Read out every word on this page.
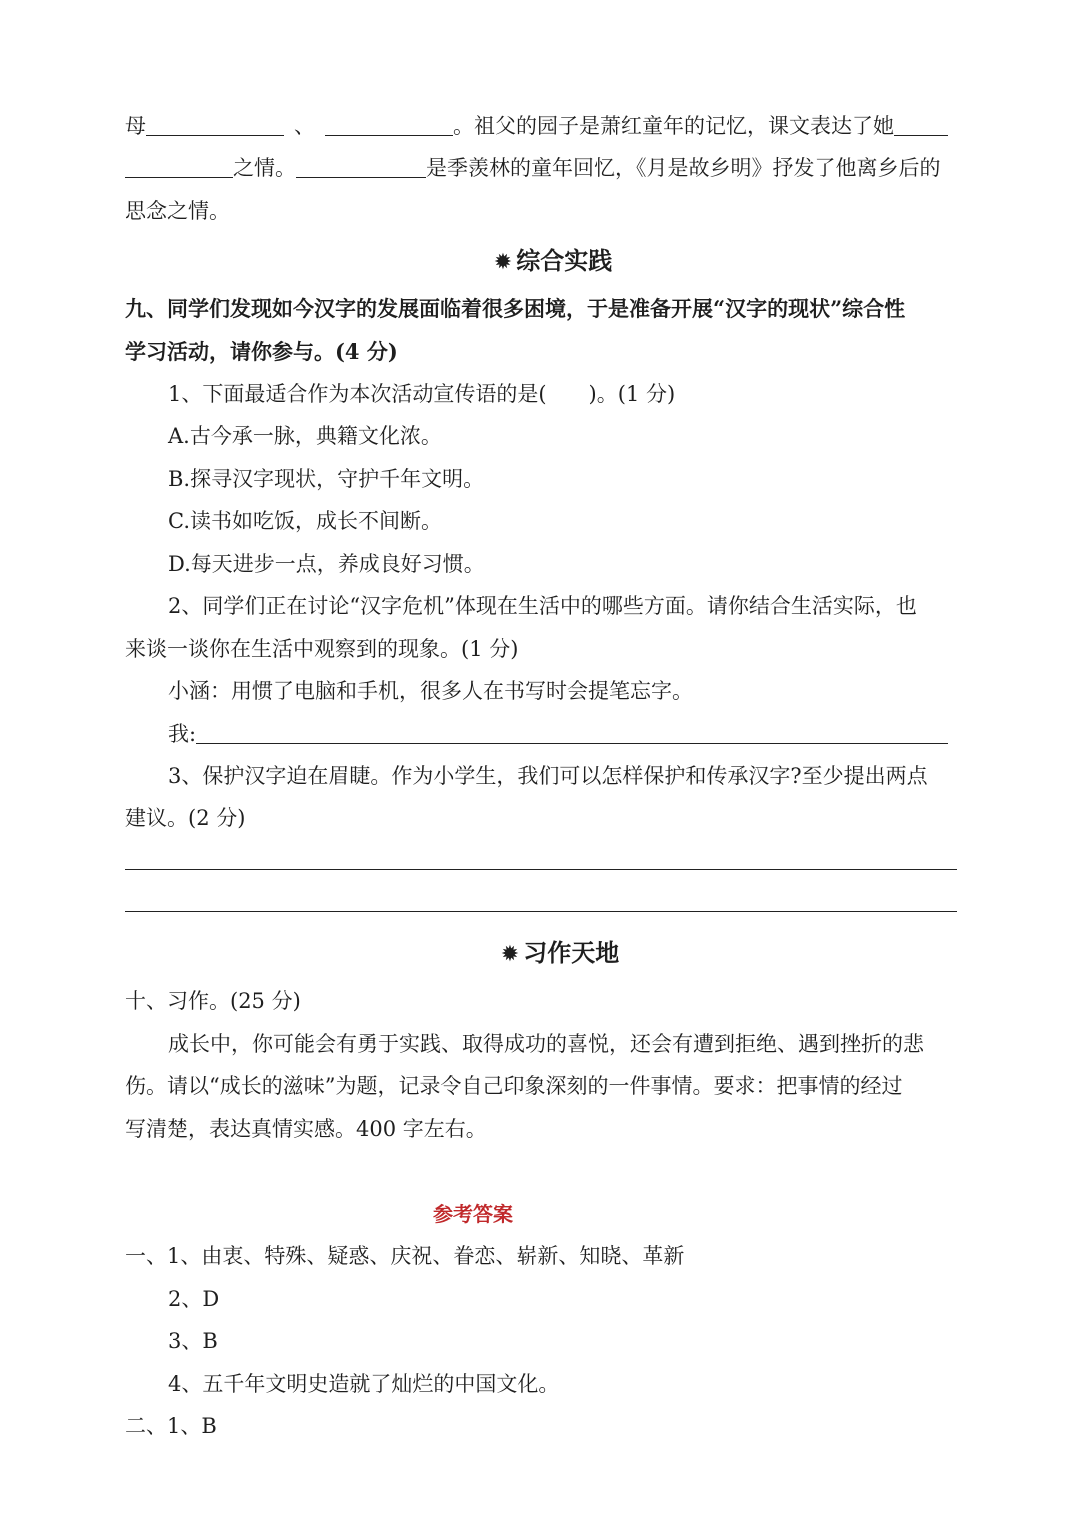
母	、	。祖父的园子是萧红童年的记忆，课文表达了她
之情。	是季羡林的童年回忆，《月是故乡明》抒发了他离乡后的
思念之情。
✹ 综合实践
九、同学们发现如今汉字的发展面临着很多困境，于是准备开展“汉字的现状”综合性
学习活动，请你参与。(4 分)
1、下面最适合作为本次活动宣传语的是(　　)。(1 分)
A.古今承一脉，典籍文化浓。
B.探寻汉字现状，守护千年文明。
C.读书如吃饭，成长不间断。
D.每天进步一点，养成良好习惯。
2、同学们正在讨论“汉字危机”体现在生活中的哪些方面。请你结合生活实际，也
来谈一谈你在生活中观察到的现象。(1 分)
小涵：用惯了电脑和手机，很多人在书写时会提笔忘字。
我:
3、保护汉字迫在眉睫。作为小学生，我们可以怎样保护和传承汉字?至少提出两点
建议。(2 分)
✹ 习作天地
十、习作。(25 分)
成长中，你可能会有勇于实践、取得成功的喜悦，还会有遭到拒绝、遇到挫折的悲
伤。请以“成长的滋味”为题，记录令自己印象深刻的一件事情。要求：把事情的经过
写清楚，表达真情实感。400 字左右。
参考答案
一、1、由衷、特殊、疑惑、庆祝、眷恋、崭新、知晓、革新
2、D
3、B
4、五千年文明史造就了灿烂的中国文化。
二、1、B
